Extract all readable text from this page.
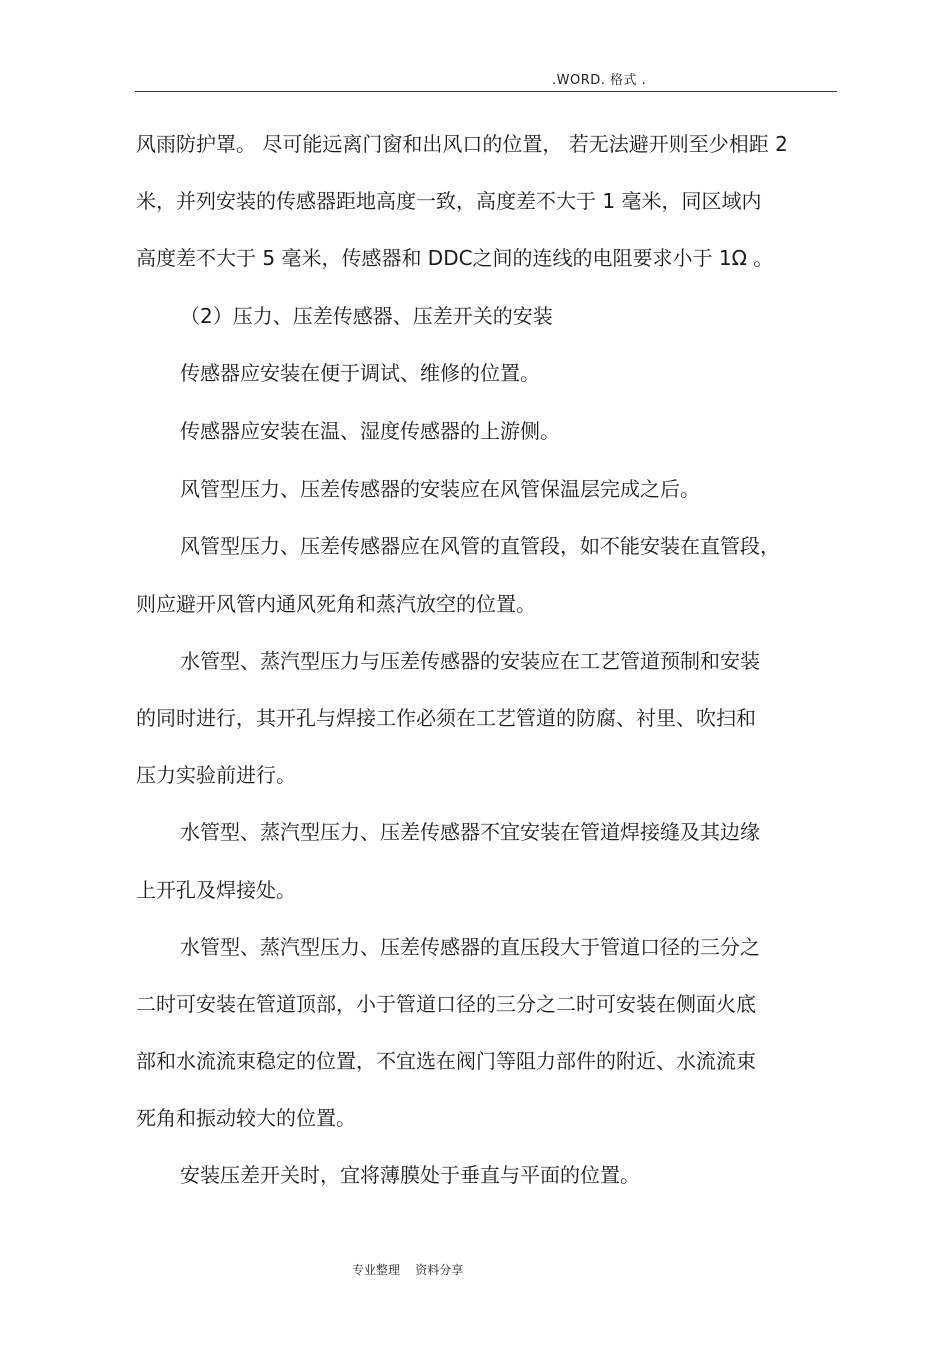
.WORD. 格式 .
风雨防护罩。 尽可能远离门窗和出风口的位置， 若无法避开则至少相距 2
米，并列安装的传感器距地高度一致，高度差不大于 1 毫米，同区域内
高度差不大于 5 毫米，传感器和 DDC之间的连线的电阻要求小于 1Ω 。
（2）压力、压差传感器、压差开关的安装
传感器应安装在便于调试、维修的位置。
传感器应安装在温、湿度传感器的上游侧。
风管型压力、压差传感器的安装应在风管保温层完成之后。
风管型压力、压差传感器应在风管的直管段，如不能安装在直管段，
则应避开风管内通风死角和蒸汽放空的位置。
水管型、蒸汽型压力与压差传感器的安装应在工艺管道预制和安装
的同时进行，其开孔与焊接工作必须在工艺管道的防腐、衬里、吹扫和
压力实验前进行。
水管型、蒸汽型压力、压差传感器不宜安装在管道焊接缝及其边缘
上开孔及焊接处。
水管型、蒸汽型压力、压差传感器的直压段大于管道口径的三分之
二时可安装在管道顶部，小于管道口径的三分之二时可安装在侧面火底
部和水流流束稳定的位置，不宜选在阀门等阻力部件的附近、水流流束
死角和振动较大的位置。
安装压差开关时，宜将薄膜处于垂直与平面的位置。
专业整理    资料分享
